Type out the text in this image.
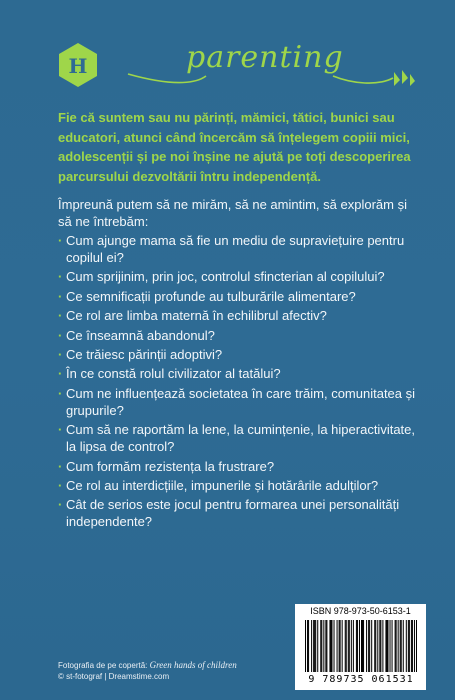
H	parenting
Fie că suntem sau nu părinți, mămici, tătici, bunici sau educatori, atunci când încercăm să înțelegem copiii mici, adolescenții și pe noi înșine ne ajută pe toți descoperirea parcursului dezvoltării întru independență.
Împreună putem să ne mirăm, să ne amintim, să explorăm și să ne întrebăm:
· Cum ajunge mama să fie un mediu de supraviețuire pentru copilul ei?
· Cum sprijinim, prin joc, controlul sfincterian al copilului?
· Ce semnificații profunde au tulburările alimentare?
· Ce rol are limba maternă în echilibrul afectiv?
· Ce înseamnă abandonul?
· Ce trăiesc părinții adoptivi?
· În ce constă rolul civilizator al tatălui?
· Cum ne influențează societatea în care trăim, comunitatea și grupurile?
· Cum să ne raportăm la lene, la cumințenie, la hiperactivitate, la lipsa de control?
· Cum formăm rezistența la frustrare?
· Ce rol au interdicțiile, impunerile și hotărârile adulților?
· Cât de serios este jocul pentru formarea unei personalități independente?
ISBN 978-973-50-6153-1
9 789735 061531
Fotografia de pe copertă: Green hands of children
© st-fotograf | Dreamstime.com
